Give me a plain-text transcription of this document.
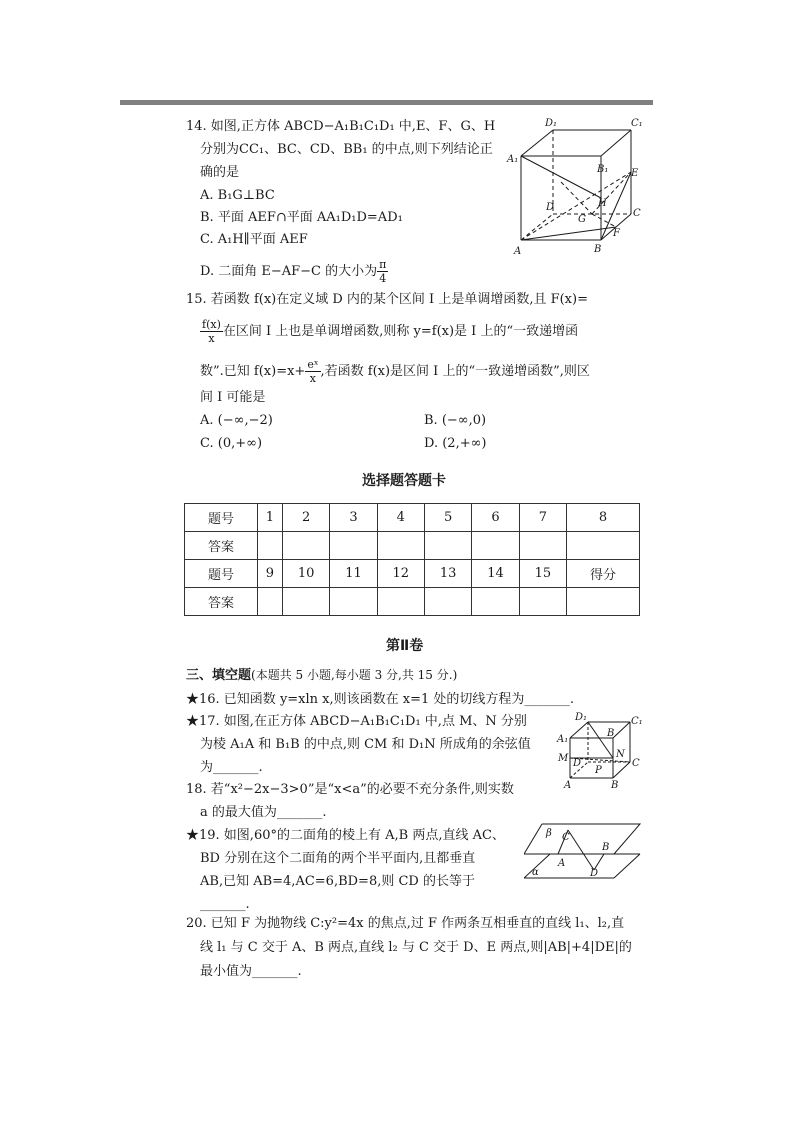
14. 如图,正方体 ABCD−A₁B₁C₁D₁ 中,E、F、G、H
分别为CC₁、BC、CD、BB₁ 的中点,则下列结论正
确的是
A. B₁G⊥BC
B. 平面 AEF∩平面 AA₁D₁D=AD₁
C. A₁H∥平面 AEF
D. 二面角 E−AF−C 的大小为 $\frac{\pi}{4}$
D₁	C₁
A₁
B₁ E
D	H
G
C
F
A	B
15. 若函数 f(x)在定义域 D 内的某个区间 I 上是单调增函数,且 F(x)=
$\frac{f(x)}{x}$ 在区间 I 上也是单调增函数,则称 y=f(x)是 I 上的“一致递增函
数”.已知 $f(x)=x+ \frac{\text{eˣ}}{x}$ ,若函数 f(x)是区间 I 上的“一致递增函数”,则区
间 I 可能是
A. (−∞,−2)	B. (−∞,0)
C. (0,+∞)	D. (2,+∞)
选择题答题卡
题号	1	2	3	4	5	6	7	8
答案								
题号	9	10	11	12	13	14	15	得分
答案								
第Ⅱ卷
三、填空题(本题共 5 小题,每小题 3 分,共 15 分.)
★16. 已知函数 y=xln x,则该函数在 x=1 处的切线方程为_______.
★17. 如图,在正方体 ABCD−A₁B₁C₁D₁ 中,点 M、N 分别
为棱 A₁A 和 B₁B 的中点,则 CM 和 D₁N 所成角的余弦值
为_______.
D₁	C₁
A₁
B
M	N
D
P
C
A	B
18. 若“x²−2x−3>0”是“x<a”的必要不充分条件,则实数
a 的最大值为_______.
★19. 如图,60°的二面角的棱上有 A,B 两点,直线 AC、
BD 分别在这个二面角的两个半平面内,且都垂直
AB,已知 AB=4,AC=6,BD=8,则 CD 的长等于
_______.
β C
A
B
α	D
20. 已知 F 为抛物线 C:y²=4x 的焦点,过 F 作两条互相垂直的直线 l₁、l₂,直
线 l₁ 与 C 交于 A、B 两点,直线 l₂ 与 C 交于 D、E 两点,则|AB|+4|DE|的
最小值为_______.
